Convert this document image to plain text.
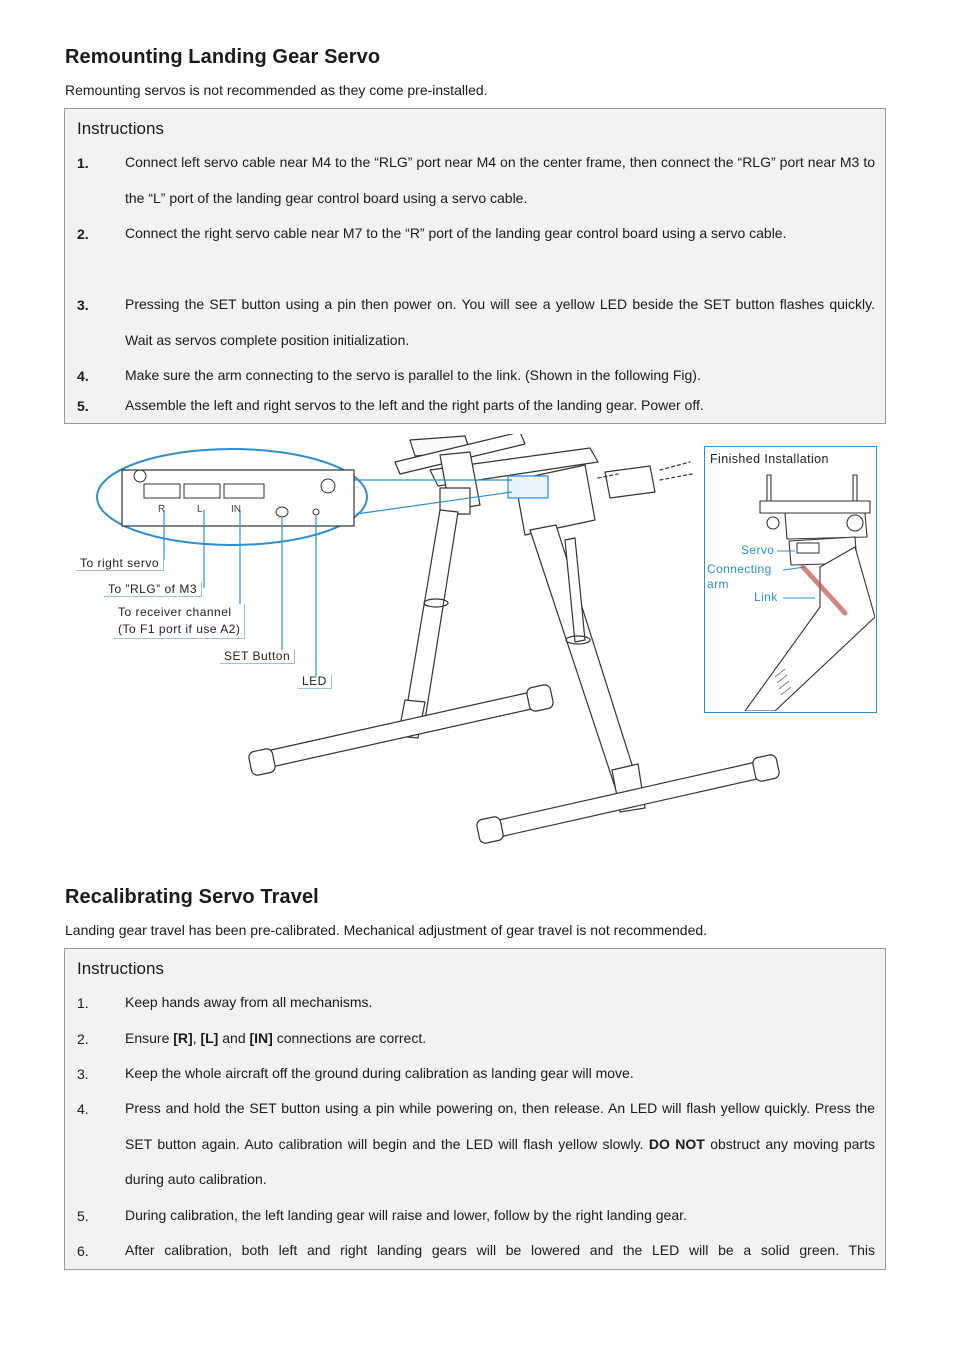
Remounting Landing Gear Servo

Remounting servos is not recommended as they come pre-installed.

Instructions

1.	Connect left servo cable near M4 to the “RLG” port near M4 on the center frame, then connect the “RLG” port near M3 to the “L” port of the landing gear control board using a servo cable.
2.	Connect the right servo cable near M7 to the “R” port of the landing gear control board using a servo cable.
3.	Pressing the SET button using a pin then power on. You will see a yellow LED beside the SET button flashes quickly. Wait as servos complete position initialization.
4.	Make sure the arm connecting to the servo is parallel to the link. (Shown in the following Fig).
5.	Assemble the left and right servos to the left and the right parts of the landing gear. Power off.
R	L	IN
To right servo
To ”RLG” of M3
To receiver channel
(To F1 port if use A2)
SET Button
LED
Finished Installation
Servo
Connecting
arm
Link
Recalibrating Servo Travel

Landing gear travel has been pre-calibrated. Mechanical adjustment of gear travel is not recommended.

Instructions

1.	Keep hands away from all mechanisms.
2.	Ensure [R], [L] and [IN] connections are correct.
3.	Keep the whole aircraft off the ground during calibration as landing gear will move.
4.	Press and hold the SET button using a pin while powering on, then release. An LED will flash yellow quickly. Press the SET button again. Auto calibration will begin and the LED will flash yellow slowly. DO NOT obstruct any moving parts during auto calibration.
5.	During calibration, the left landing gear will raise and lower, follow by the right landing gear.
6.	After calibration, both left and right landing gears will be lowered and the LED will be a solid green. This
